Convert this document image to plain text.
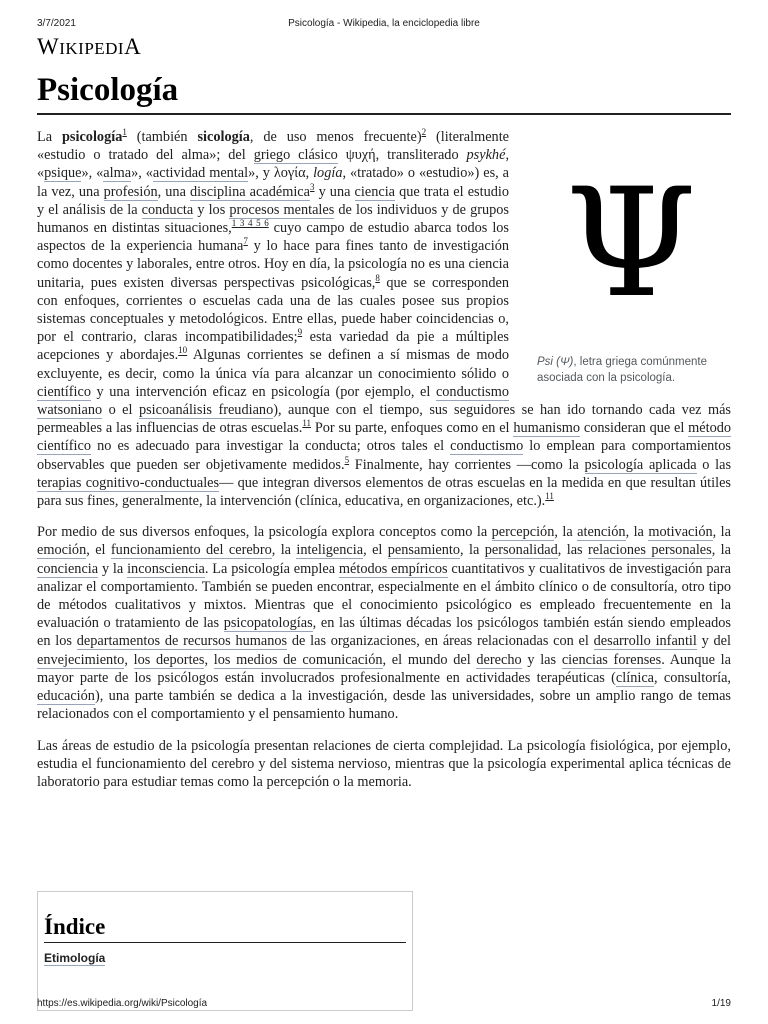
3/7/2021	Psicología - Wikipedia, la enciclopedia libre
WIKIPEDIA
Psicología
Ψ
Psi (Ψ), letra griega comúnmente asociada con la psicología.

La psicología$^1$ (también sicología, de uso menos frecuente)$^2$ (literalmente «estudio o tratado del alma»; del griego clásico ψυχή, transliterado psykhé, «psique», «alma», «actividad mental», y λογία, logía, «tratado» o «estudio») es, a la vez, una profesión, una disciplina académica$^3$ y una ciencia que trata el estudio y el análisis de la conducta y los procesos mentales de los individuos y de grupos humanos en distintas situaciones,$^{1 3 4 5 6}$ cuyo campo de estudio abarca todos los aspectos de la experiencia humana$^7$ y lo hace para fines tanto de investigación como docentes y laborales, entre otros. Hoy en día, la psicología no es una ciencia unitaria, pues existen diversas perspectivas psicológicas,$^8$ que se corresponden con enfoques, corrientes o escuelas cada una de las cuales posee sus propios sistemas conceptuales y metodológicos. Entre ellas, puede haber coincidencias o, por el contrario, claras incompatibilidades;$^9$ esta variedad da pie a múltiples acepciones y abordajes.$^{10}$ Algunas corrientes se definen a sí mismas de modo excluyente, es decir, como la única vía para alcanzar un conocimiento sólido o científico y una intervención eficaz en psicología (por ejemplo, el conductismo watsoniano o el psicoanálisis freudiano), aunque con el tiempo, sus seguidores se han ido tornando cada vez más permeables a las influencias de otras escuelas.$^{11}$ Por su parte, enfoques como en el humanismo consideran que el método científico no es adecuado para investigar la conducta; otros tales el conductismo lo emplean para comportamientos observables que pueden ser objetivamente medidos.$^5$ Finalmente, hay corrientes —como la psicología aplicada o las terapias cognitivo-conductuales— que integran diversos elementos de otras escuelas en la medida en que resultan útiles para sus fines, generalmente, la intervención (clínica, educativa, en organizaciones, etc.).$^{11}$

Por medio de sus diversos enfoques, la psicología explora conceptos como la percepción, la atención, la motivación, la emoción, el funcionamiento del cerebro, la inteligencia, el pensamiento, la personalidad, las relaciones personales, la conciencia y la inconsciencia. La psicología emplea métodos empíricos cuantitativos y cualitativos de investigación para analizar el comportamiento. También se pueden encontrar, especialmente en el ámbito clínico o de consultoría, otro tipo de métodos cualitativos y mixtos. Mientras que el conocimiento psicológico es empleado frecuentemente en la evaluación o tratamiento de las psicopatologías, en las últimas décadas los psicólogos también están siendo empleados en los departamentos de recursos humanos de las organizaciones, en áreas relacionadas con el desarrollo infantil y del envejecimiento, los deportes, los medios de comunicación, el mundo del derecho y las ciencias forenses. Aunque la mayor parte de los psicólogos están involucrados profesionalmente en actividades terapéuticas (clínica, consultoría, educación), una parte también se dedica a la investigación, desde las universidades, sobre un amplio rango de temas relacionados con el comportamiento y el pensamiento humano.

Las áreas de estudio de la psicología presentan relaciones de cierta complejidad. La psicología fisiológica, por ejemplo, estudia el funcionamiento del cerebro y del sistema nervioso, mientras que la psicología experimental aplica técnicas de laboratorio para estudiar temas como la percepción o la memoria.

Índice
Etimología
https://es.wikipedia.org/wiki/Psicología	1/19
